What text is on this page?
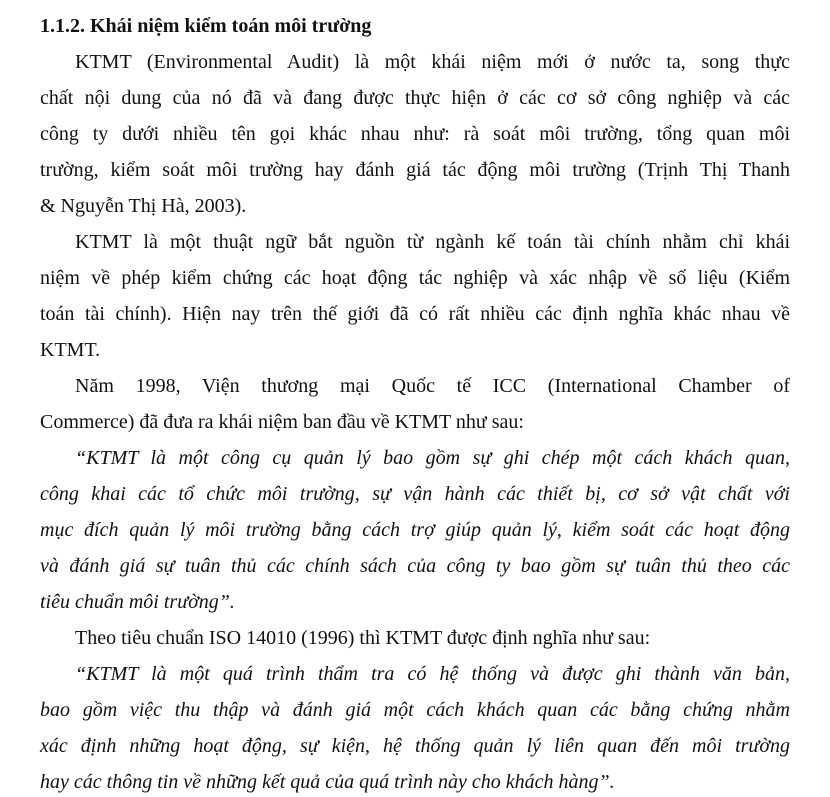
1.1.2. Khái niệm kiểm toán môi trường
KTMT (Environmental Audit) là một khái niệm mới ở nước ta, song thực
chất nội dung của nó đã và đang được thực hiện ở các cơ sở công nghiệp và các
công ty dưới nhiều tên gọi khác nhau như: rà soát môi trường, tổng quan môi
trường, kiểm soát môi trường hay đánh giá tác động môi trường (Trịnh Thị Thanh
& Nguyễn Thị Hà, 2003).
KTMT là một thuật ngữ bắt nguồn từ ngành kế toán tài chính nhằm chỉ khái
niệm về phép kiểm chứng các hoạt động tác nghiệp và xác nhập về số liệu (Kiểm
toán tài chính). Hiện nay trên thế giới đã có rất nhiều các định nghĩa khác nhau về
KTMT.
Năm 1998, Viện thương mại Quốc tế ICC (International Chamber of
Commerce) đã đưa ra khái niệm ban đầu về KTMT như sau:
“KTMT là một công cụ quản lý bao gồm sự ghi chép một cách khách quan,
công khai các tổ chức môi trường, sự vận hành các thiết bị, cơ sở vật chất với
mục đích quản lý môi trường bằng cách trợ giúp quản lý, kiểm soát các hoạt động
và đánh giá sự tuân thủ các chính sách của công ty bao gồm sự tuân thủ theo các
tiêu chuẩn môi trường”.
Theo tiêu chuẩn ISO 14010 (1996) thì KTMT được định nghĩa như sau:
“KTMT là một quá trình thẩm tra có hệ thống và được ghi thành văn bản,
bao gồm việc thu thập và đánh giá một cách khách quan các bằng chứng nhằm
xác định những hoạt động, sự kiện, hệ thống quản lý liên quan đến môi trường
hay các thông tin về những kết quả của quá trình này cho khách hàng”.
